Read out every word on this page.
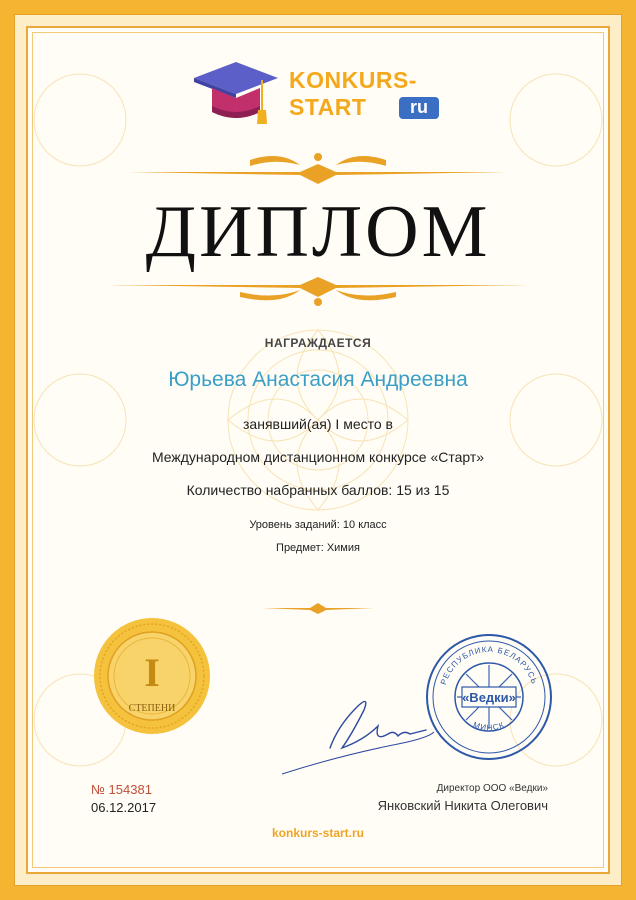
KONKURS-
START	ru
ДИПЛОМ
НАГРАЖДАЕТСЯ
Юрьева Анастасия Андреевна
занявший(ая) I место в
Международном дистанционном конкурсе «Старт»
Количество набранных баллов: 15 из 15
Уровень заданий: 10 класс
Предмет: Химия
I
СТЕПЕНИ
«Ведки»
РЕСПУБЛИКА БЕЛАРУСЬ
МИНСК
№ 154381
06.12.2017
Директор ООО «Ведки»
Янковский Никита Олегович
konkurs-start.ru
